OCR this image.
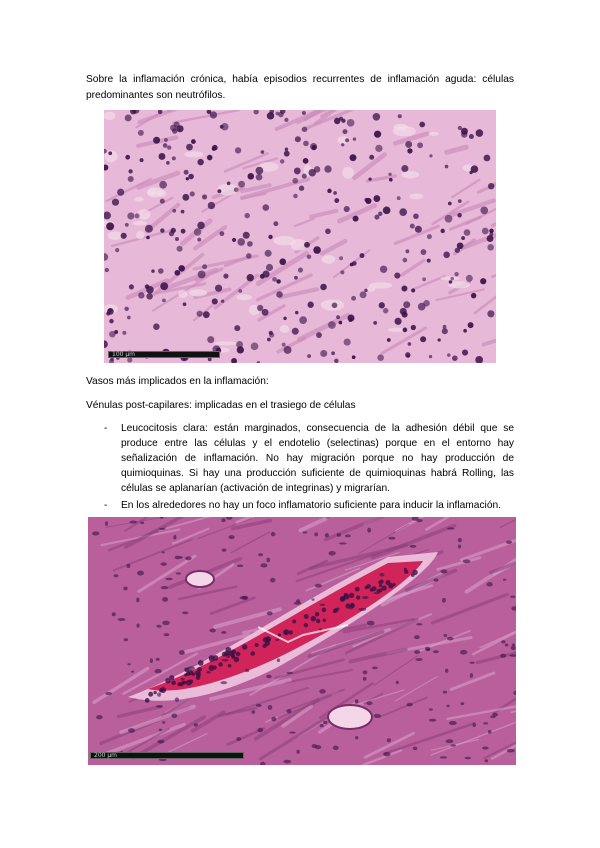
Sobre la inflamación crónica, había episodios recurrentes de inflamación aguda: células predominantes son neutrófilos.

100 µm

Vasos más implicados en la inflamación:

Vénulas post-capilares: implicadas en el trasiego de células

- Leucocitosis clara: están marginados, consecuencia de la adhesión débil que se produce entre las células y el endotelio (selectinas) porque en el entorno hay señalización de inflamación. No hay migración porque no hay producción de quimioquinas. Si hay una producción suficiente de quimioquinas habrá Rolling, las células se aplanarían (activación de integrinas) y migrarían.
- En los alrededores no hay un foco inflamatorio suficiente para inducir la inflamación.
200 µm
